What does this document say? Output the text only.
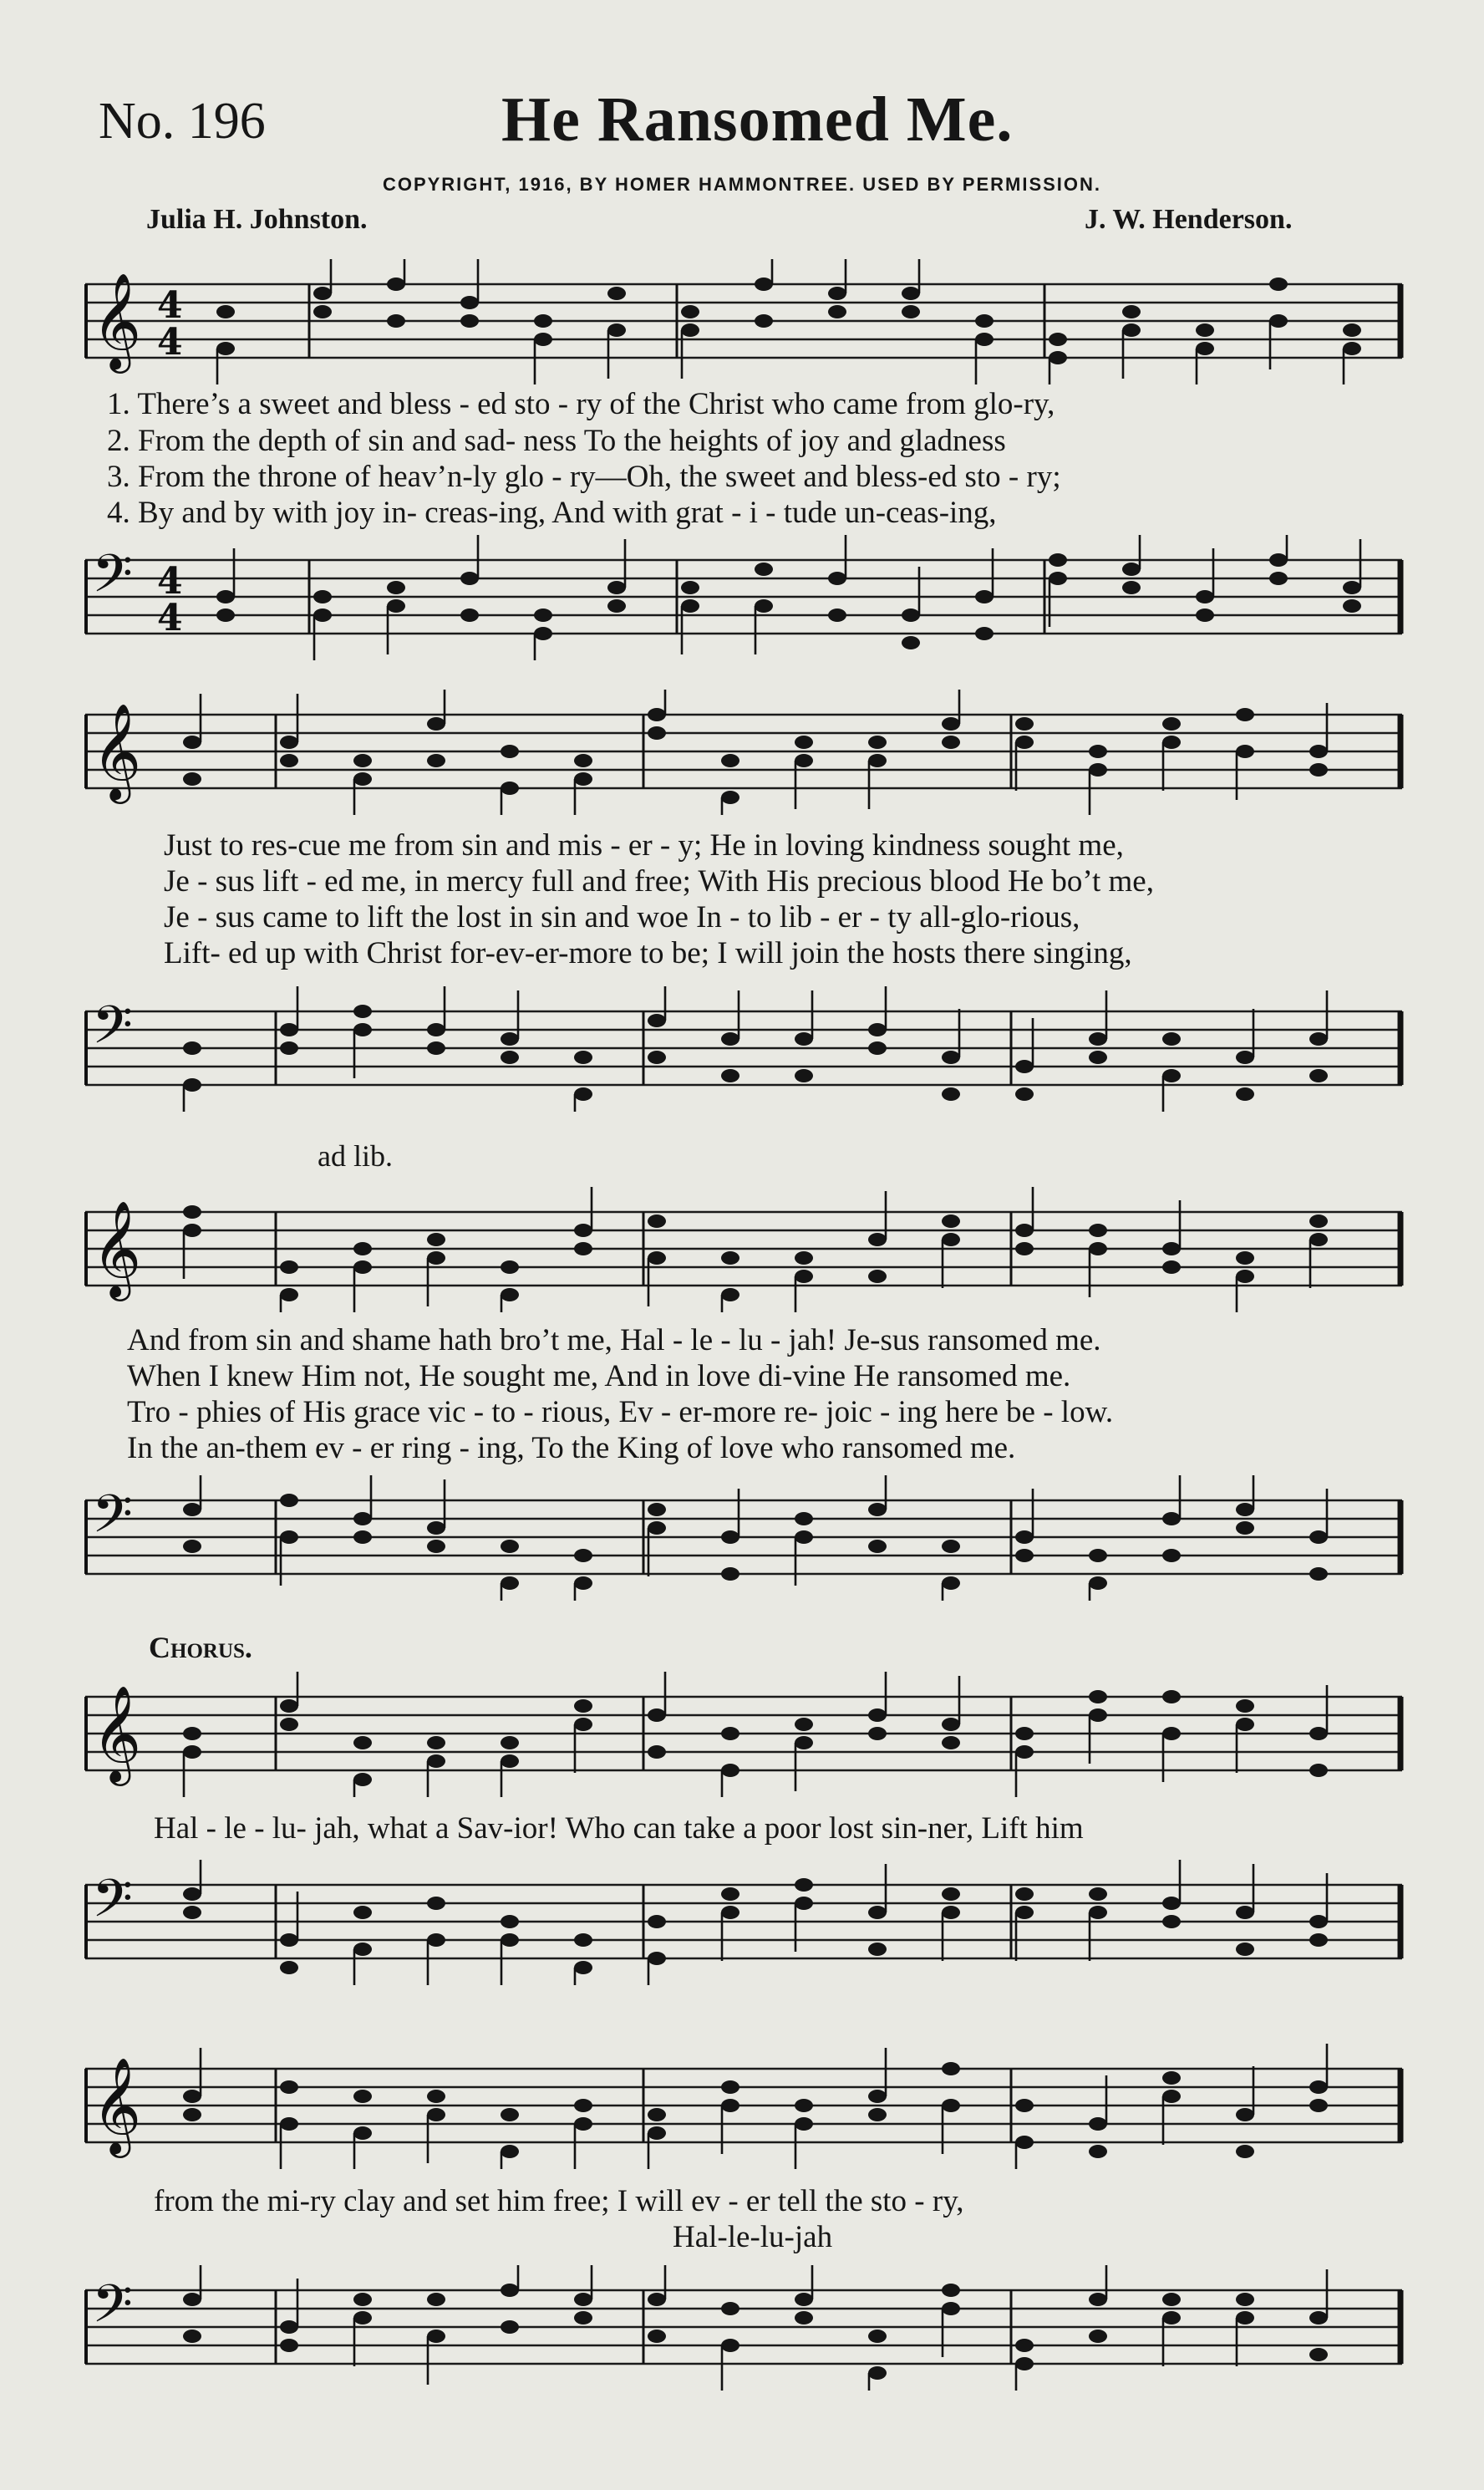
No. 196	He Ransomed Me.
COPYRIGHT, 1916, BY HOMER HAMMONTREE. USED BY PERMISSION.
Julia H. Johnston.	J. W. Henderson.
𝄞 4
4
1. There’s a sweet and bless - ed sto - ry of the Christ who came from glo-ry,
2. From the depth of sin and sad- ness To the heights of joy and gladness
3. From the throne of heav’n-ly glo - ry—Oh, the sweet and bless-ed sto - ry;
4. By and by with joy in- creas-ing, And with grat - i - tude un-ceas-ing,
𝄢 4
4
𝄞
Just to res-cue me from sin and mis - er - y; He in loving kindness sought me,
Je - sus lift - ed me, in mercy full and free; With His precious blood He bo’t me,
Je - sus came to lift the lost in sin and woe In - to lib - er - ty all-glo-rious,
Lift- ed up with Christ for-ev-er-more to be; I will join the hosts there singing,
𝄢
ad lib.
𝄞
And from sin and shame hath bro’t me, Hal - le - lu - jah! Je-sus ransomed me.
When I knew Him not, He sought me, And in love di-vine He ransomed me.
Tro - phies of His grace vic - to - rious, Ev - er-more re- joic - ing here be - low.
In the an-them ev - er ring - ing, To the King of love who ransomed me.
𝄢
Chorus.
𝄞
Hal - le - lu- jah, what a Sav-ior! Who can take a poor lost sin-ner, Lift him
𝄢
𝄞
from the mi-ry clay and set him free; I will ev - er tell the sto - ry,
Hal-le-lu-jah
𝄢
